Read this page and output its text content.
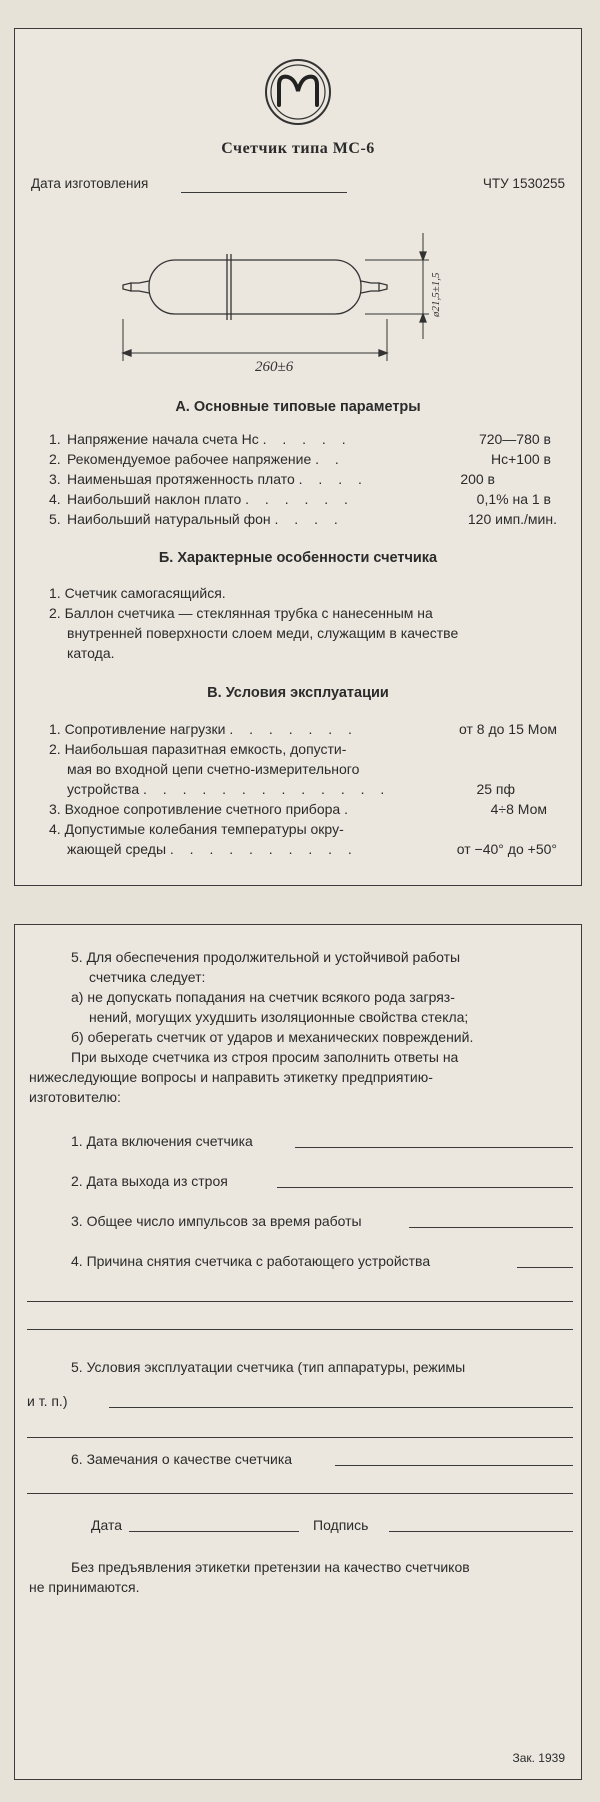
Счетчик типа МС-6
Дата изготовления	ЧТУ 1530255
260±6
ø21,5±1,5
А. Основные типовые параметры
1. Напряжение начала счета Нс . . . . .	720—780 в
2. Рекомендуемое рабочее напряжение . .	Нс+100 в
3. Наименьшая протяженность плато . . . .	200 в
4. Наибольший наклон плато . . . . . .	0,1% на 1 в
5. Наибольший натуральный фон . . . .	120 имп./мин.
Б. Характерные особенности счетчика
1. Счетчик самогасящийся.
2. Баллон счетчика — стеклянная трубка с нанесенным на
внутренней поверхности слоем меди, служащим в качестве
катода.
В. Условия эксплуатации
1. Сопротивление нагрузки . . . . . . .	от 8 до 15 Мом
2. Наибольшая паразитная емкость, допусти-
мая во входной цепи счетно-измерительного
устройства . . . . . . . . . . . . .	25 пф
3. Входное сопротивление счетного прибора .	4÷8 Мом
4. Допустимые колебания температуры окру-
жающей среды . . . . . . . . . .	от −40° до +50°
5. Для обеспечения продолжительной и устойчивой работы
счетчика следует:
а) не допускать попадания на счетчик всякого рода загряз-
нений, могущих ухудшить изоляционные свойства стекла;
б) оберегать счетчик от ударов и механических повреждений.
При выходе счетчика из строя просим заполнить ответы на
нижеследующие вопросы и направить этикетку предприятию-
изготовителю:
1. Дата включения счетчика
2. Дата выхода из строя
3. Общее число импульсов за время работы
4. Причина снятия счетчика с работающего устройства
5. Условия эксплуатации счетчика (тип аппаратуры, режимы
и т. п.)
6. Замечания о качестве счетчика
Дата	Подпись
Без предъявления этикетки претензии на качество счетчиков
не принимаются.
Зак. 1939
